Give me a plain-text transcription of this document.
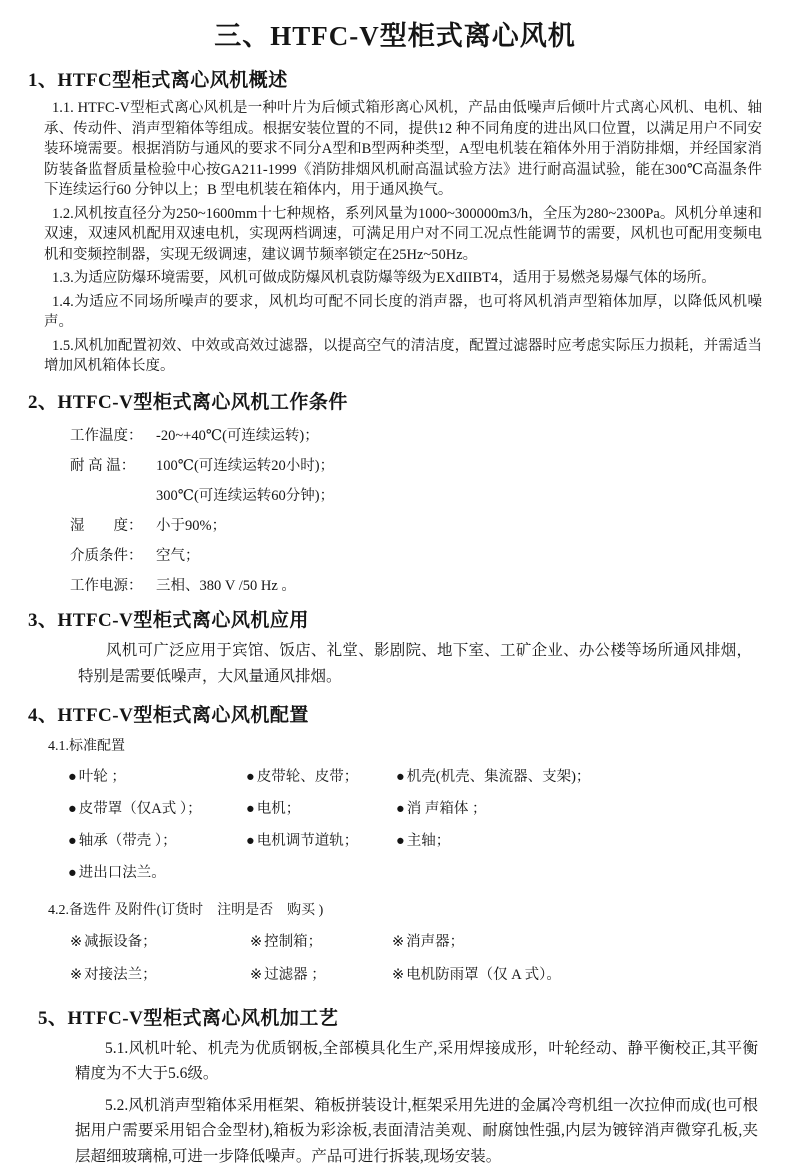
三、HTFC-V型柜式离心风机
1、HTFC型柜式离心风机概述

1.1. HTFC-V型柜式离心风机是一种叶片为后倾式箱形离心风机，产品由低噪声后倾叶片式离心风机、电机、轴承、传动件、消声型箱体等组成。根据安装位置的不同，提供12 种不同角度的进出风口位置，以满足用户不同安装环境需要。根据消防与通风的要求不同分A型和B型两种类型，A型电机装在箱体外用于消防排烟，并经国家消防装备监督质量检验中心按GA211-1999《消防排烟风机耐高温试验方法》进行耐高温试验，能在300℃高温条件下连续运行60 分钟以上；B 型电机装在箱体内，用于通风换气。

1.2.风机按直径分为250~1600mm十七种规格，系列风量为1000~300000m3/h，全压为280~2300Pa。风机分单速和双速，双速风机配用双速电机，实现两档调速，可满足用户对不同工况点性能调节的需要，风机也可配用变频电机和变频控制器，实现无级调速，建议调节频率锁定在25Hz~50Hz。

1.3.为适应防爆环境需要，风机可做成防爆风机袁防爆等级为EXdIIBT4，适用于易燃尧易爆气体的场所。

1.4.为适应不同场所噪声的要求，风机均可配不同长度的消声器，也可将风机消声型箱体加厚，以降低风机噪声。

1.5.风机加配置初效、中效或高效过滤器，以提高空气的清洁度，配置过滤器时应考虑实际压力损耗，并需适当增加风机箱体长度。

2、HTFC-V型柜式离心风机工作条件
工作温度： -20~+40℃(可连续运转)；
耐 高 温：	100℃(可连续运转20小时)；
300℃(可连续运转60分钟)；
湿　　度： 小于90%；
介质条件： 空气；
工作电源： 三相、380 V /50 Hz 。
3、HTFC-V型柜式离心风机应用

风机可广泛应用于宾馆、饭店、礼堂、影剧院、地下室、工矿企业、办公楼等场所通风排烟，特别是需要低噪声，大风量通风排烟。

4、HTFC-V型柜式离心风机配置
4.1.标准配置
● 叶轮 ；	● 皮带轮、皮带；	● 机壳(机壳、集流器、支架)；
● 皮带罩（仅A式 ）；	● 电机；	● 消 声箱体 ；
● 轴承（带壳 ）；	● 电机调节道轨；	● 主轴；
● 进出口法兰。
4.2.备选件 及附件(订货时　注明是否　购买 )
※ 减振设备；	※ 控制箱；	※ 消声器；
※ 对接法兰；	※ 过滤器 ；	※ 电机防雨罩（仅 A 式）。
5、HTFC-V型柜式离心风机加工艺

5.1.风机叶轮、机壳为优质钢板,全部模具化生产,采用焊接成形，叶轮经动、静平衡校正,其平衡精度为不大于5.6级。

5.2.风机消声型箱体采用框架、箱板拼装设计,框架采用先进的金属冷弯机组一次拉伸而成(也可根据用户需要采用铝合金型材),箱板为彩涂板,表面清洁美观、耐腐蚀性强,内层为镀锌消声微穿孔板,夹层超细玻璃棉,可进一步降低噪声。产品可进行拆装,现场安装。
